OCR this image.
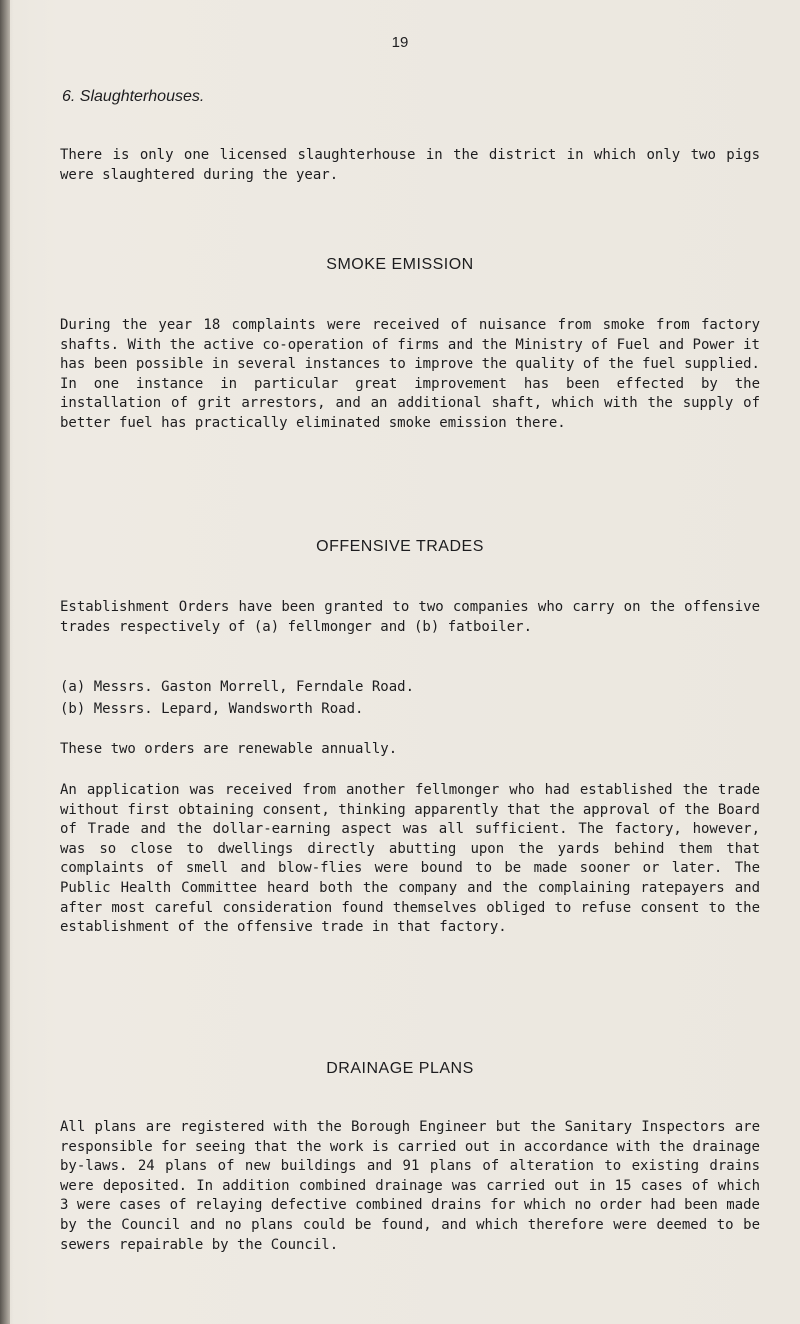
19
6. Slaughterhouses.

There is only one licensed slaughterhouse in the district in which only two pigs were slaughtered during the year.

SMOKE EMISSION

During the year 18 complaints were received of nuisance from smoke from factory shafts. With the active co-operation of firms and the Ministry of Fuel and Power it has been possible in several instances to improve the quality of the fuel supplied. In one instance in particular great improvement has been effected by the installation of grit arrestors, and an additional shaft, which with the supply of better fuel has practically eliminated smoke emission there.

OFFENSIVE TRADES

Establishment Orders have been granted to two companies who carry on the offensive trades respectively of (a) fellmonger and (b) fatboiler.

(a) Messrs. Gaston Morrell, Ferndale Road.

(b) Messrs. Lepard, Wandsworth Road.

These two orders are renewable annually.

An application was received from another fellmonger who had established the trade without first obtaining consent, thinking apparently that the approval of the Board of Trade and the dollar-earning aspect was all sufficient. The factory, however, was so close to dwellings directly abutting upon the yards behind them that complaints of smell and blow-flies were bound to be made sooner or later. The Public Health Committee heard both the company and the complaining ratepayers and after most careful consideration found themselves obliged to refuse consent to the establishment of the offensive trade in that factory.

DRAINAGE PLANS

All plans are registered with the Borough Engineer but the Sanitary Inspectors are responsible for seeing that the work is carried out in accordance with the drainage by-laws. 24 plans of new buildings and 91 plans of alteration to existing drains were deposited. In addition combined drainage was carried out in 15 cases of which 3 were cases of relaying defective combined drains for which no order had been made by the Council and no plans could be found, and which therefore were deemed to be sewers repairable by the Council.
